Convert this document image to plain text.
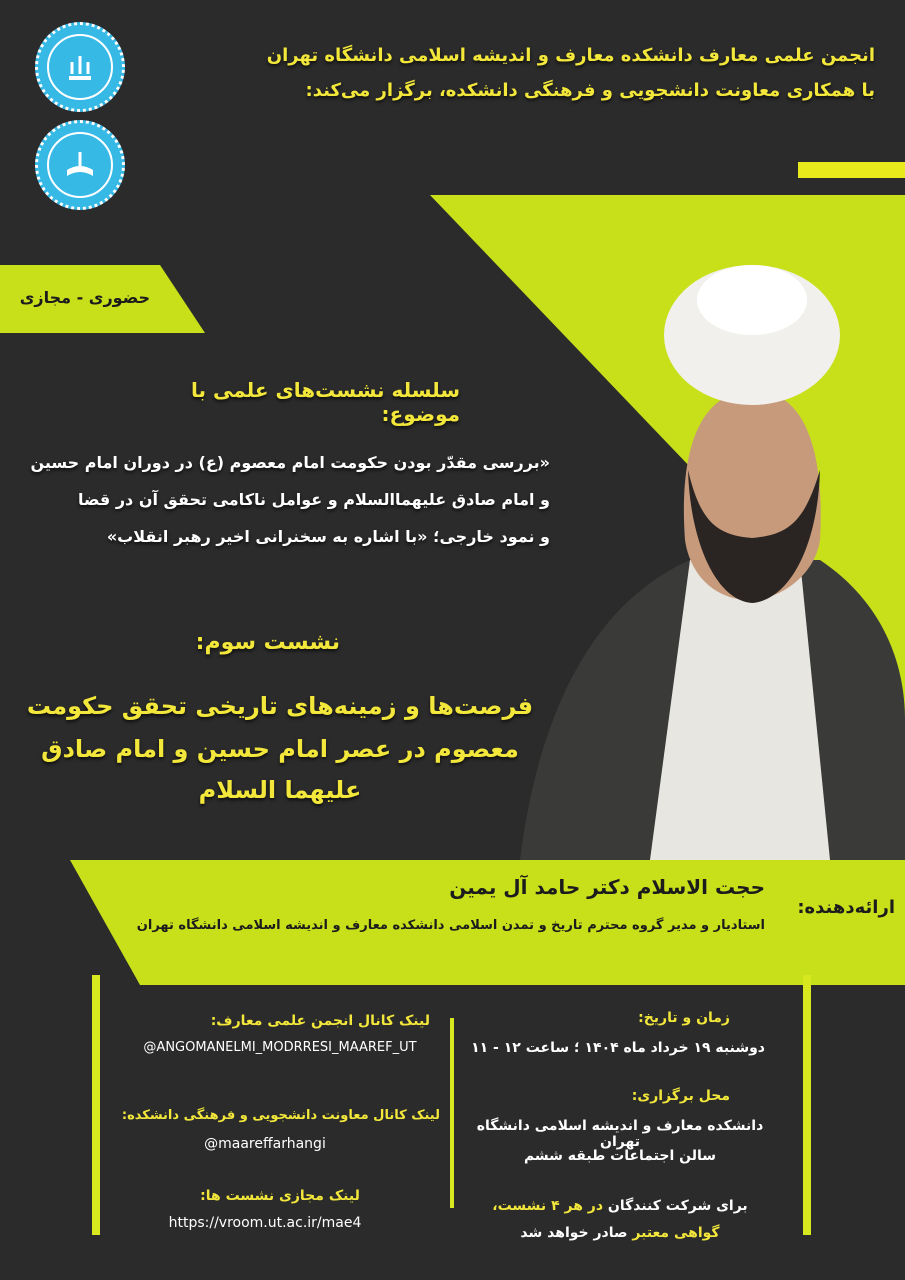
انجمن علمی معارف دانشکده معارف و اندیشه اسلامی دانشگاه تهران
با همکاری معاونت دانشجویی و فرهنگی دانشکده، برگزار می‌کند:
حضوری - مجازی
سلسله نشست‌های علمی با موضوع:
«بررسی مقدّر بودن حکومت امام معصوم (ع) در دوران امام حسین
و امام صادق علیهماالسلام و عوامل ناکامی تحقق آن در قضا
و نمود خارجی؛ «با اشاره به سخنرانی اخیر رهبر انقلاب»
نشست سوم:
فرصت‌ها و زمینه‌های تاریخی تحقق حکومت
معصوم در عصر امام حسین و امام صادق
علیهما السلام
ارائه‌دهنده:
حجت الاسلام دکتر حامد آل یمین
استادیار و مدیر گروه محترم تاریخ و تمدن اسلامی دانشکده معارف و اندیشه اسلامی دانشگاه تهران
زمان و تاریخ:
دوشنبه ۱۹ خرداد ماه ۱۴۰۴ ؛ ساعت ۱۲ - ۱۱
محل برگزاری:
دانشکده معارف و اندیشه اسلامی دانشگاه تهران
سالن اجتماعات طبقه ششم
برای شرکت کنندگان در هر ۴ نشست،
گواهی معتبر صادر خواهد شد
لینک کانال انجمن علمی معارف:
@ANGOMANELMI_MODRRESI_MAAREF_UT
لینک کانال معاونت دانشجویی و فرهنگی دانشکده:
@maareffarhangi
لینک مجازی نشست ها:
https://vroom.ut.ac.ir/mae4
